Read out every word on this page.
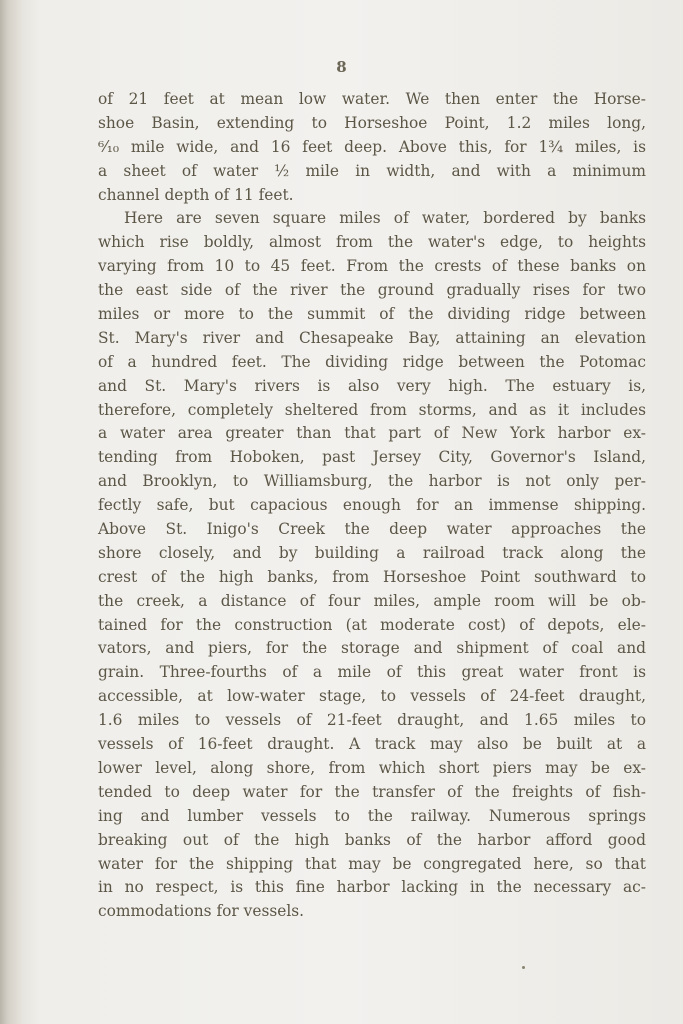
8
of 21 feet at mean low water. We then enter the Horse-
shoe Basin, extending to Horseshoe Point, 1.2 miles long,
⁶⁄₁₀ mile wide, and 16 feet deep. Above this, for 1¾ miles, is
a sheet of water ½ mile in width, and with a minimum
channel depth of 11 feet.
Here are seven square miles of water, bordered by banks
which rise boldly, almost from the water's edge, to heights
varying from 10 to 45 feet. From the crests of these banks on
the east side of the river the ground gradually rises for two
miles or more to the summit of the dividing ridge between
St. Mary's river and Chesapeake Bay, attaining an elevation
of a hundred feet. The dividing ridge between the Potomac
and St. Mary's rivers is also very high. The estuary is,
therefore, completely sheltered from storms, and as it includes
a water area greater than that part of New York harbor ex-
tending from Hoboken, past Jersey City, Governor's Island,
and Brooklyn, to Williamsburg, the harbor is not only per-
fectly safe, but capacious enough for an immense shipping.
Above St. Inigo's Creek the deep water approaches the
shore closely, and by building a railroad track along the
crest of the high banks, from Horseshoe Point southward to
the creek, a distance of four miles, ample room will be ob-
tained for the construction (at moderate cost) of depots, ele-
vators, and piers, for the storage and shipment of coal and
grain. Three-fourths of a mile of this great water front is
accessible, at low-water stage, to vessels of 24-feet draught,
1.6 miles to vessels of 21-feet draught, and 1.65 miles to
vessels of 16-feet draught. A track may also be built at a
lower level, along shore, from which short piers may be ex-
tended to deep water for the transfer of the freights of fish-
ing and lumber vessels to the railway. Numerous springs
breaking out of the high banks of the harbor afford good
water for the shipping that may be congregated here, so that
in no respect, is this fine harbor lacking in the necessary ac-
commodations for vessels.
